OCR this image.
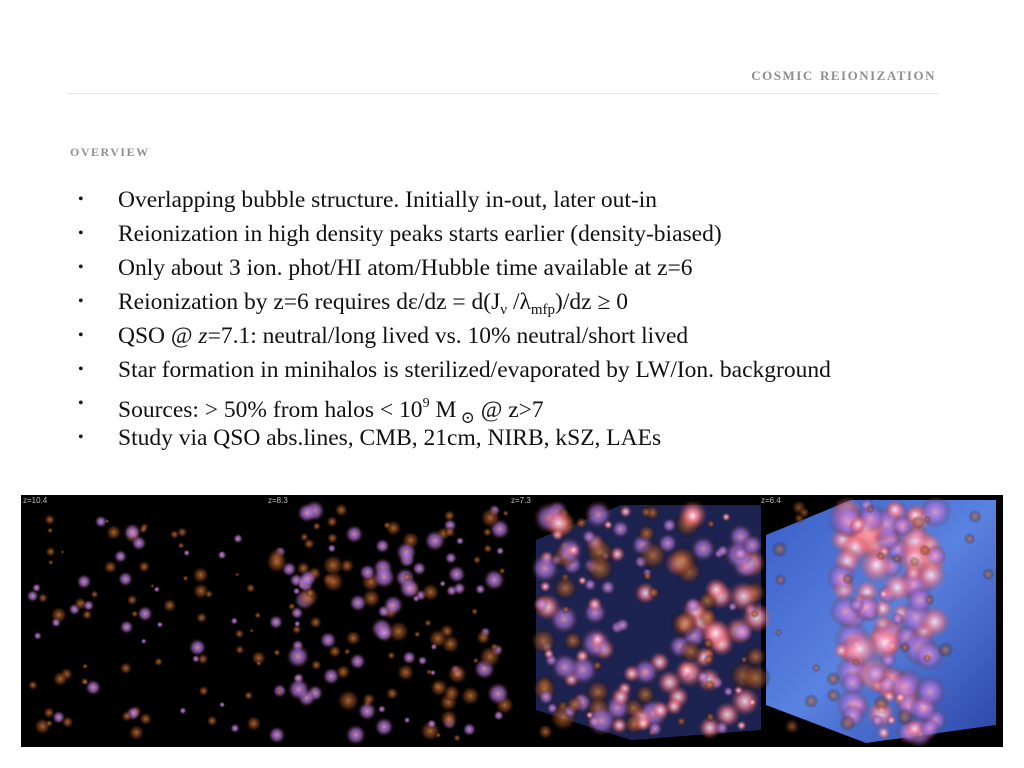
cosmic reionization
overview
• Overlapping bubble structure. Initially in-out, later out-in
• Reionization in high density peaks starts earlier (density-biased)
• Only about 3 ion. phot/HI atom/Hubble time available at z=6
• Reionization by z=6 requires $d\varepsilon/dz = d(J_\nu$ $/\lambda_{mfp})/dz \ge 0$
• QSO @ z=7.1: neutral/long lived vs. 10% neutral/short lived
• Star formation in minihalos is sterilized/evaporated by LW/Ion. background
• Sources: > 50% from halos < $10^9$ M $_⊙$ @ z>7
• Study via QSO abs.lines, CMB, 21cm, NIRB, kSZ, LAEs
z=10.4	z=8.3	z=7.3	z=6.4
